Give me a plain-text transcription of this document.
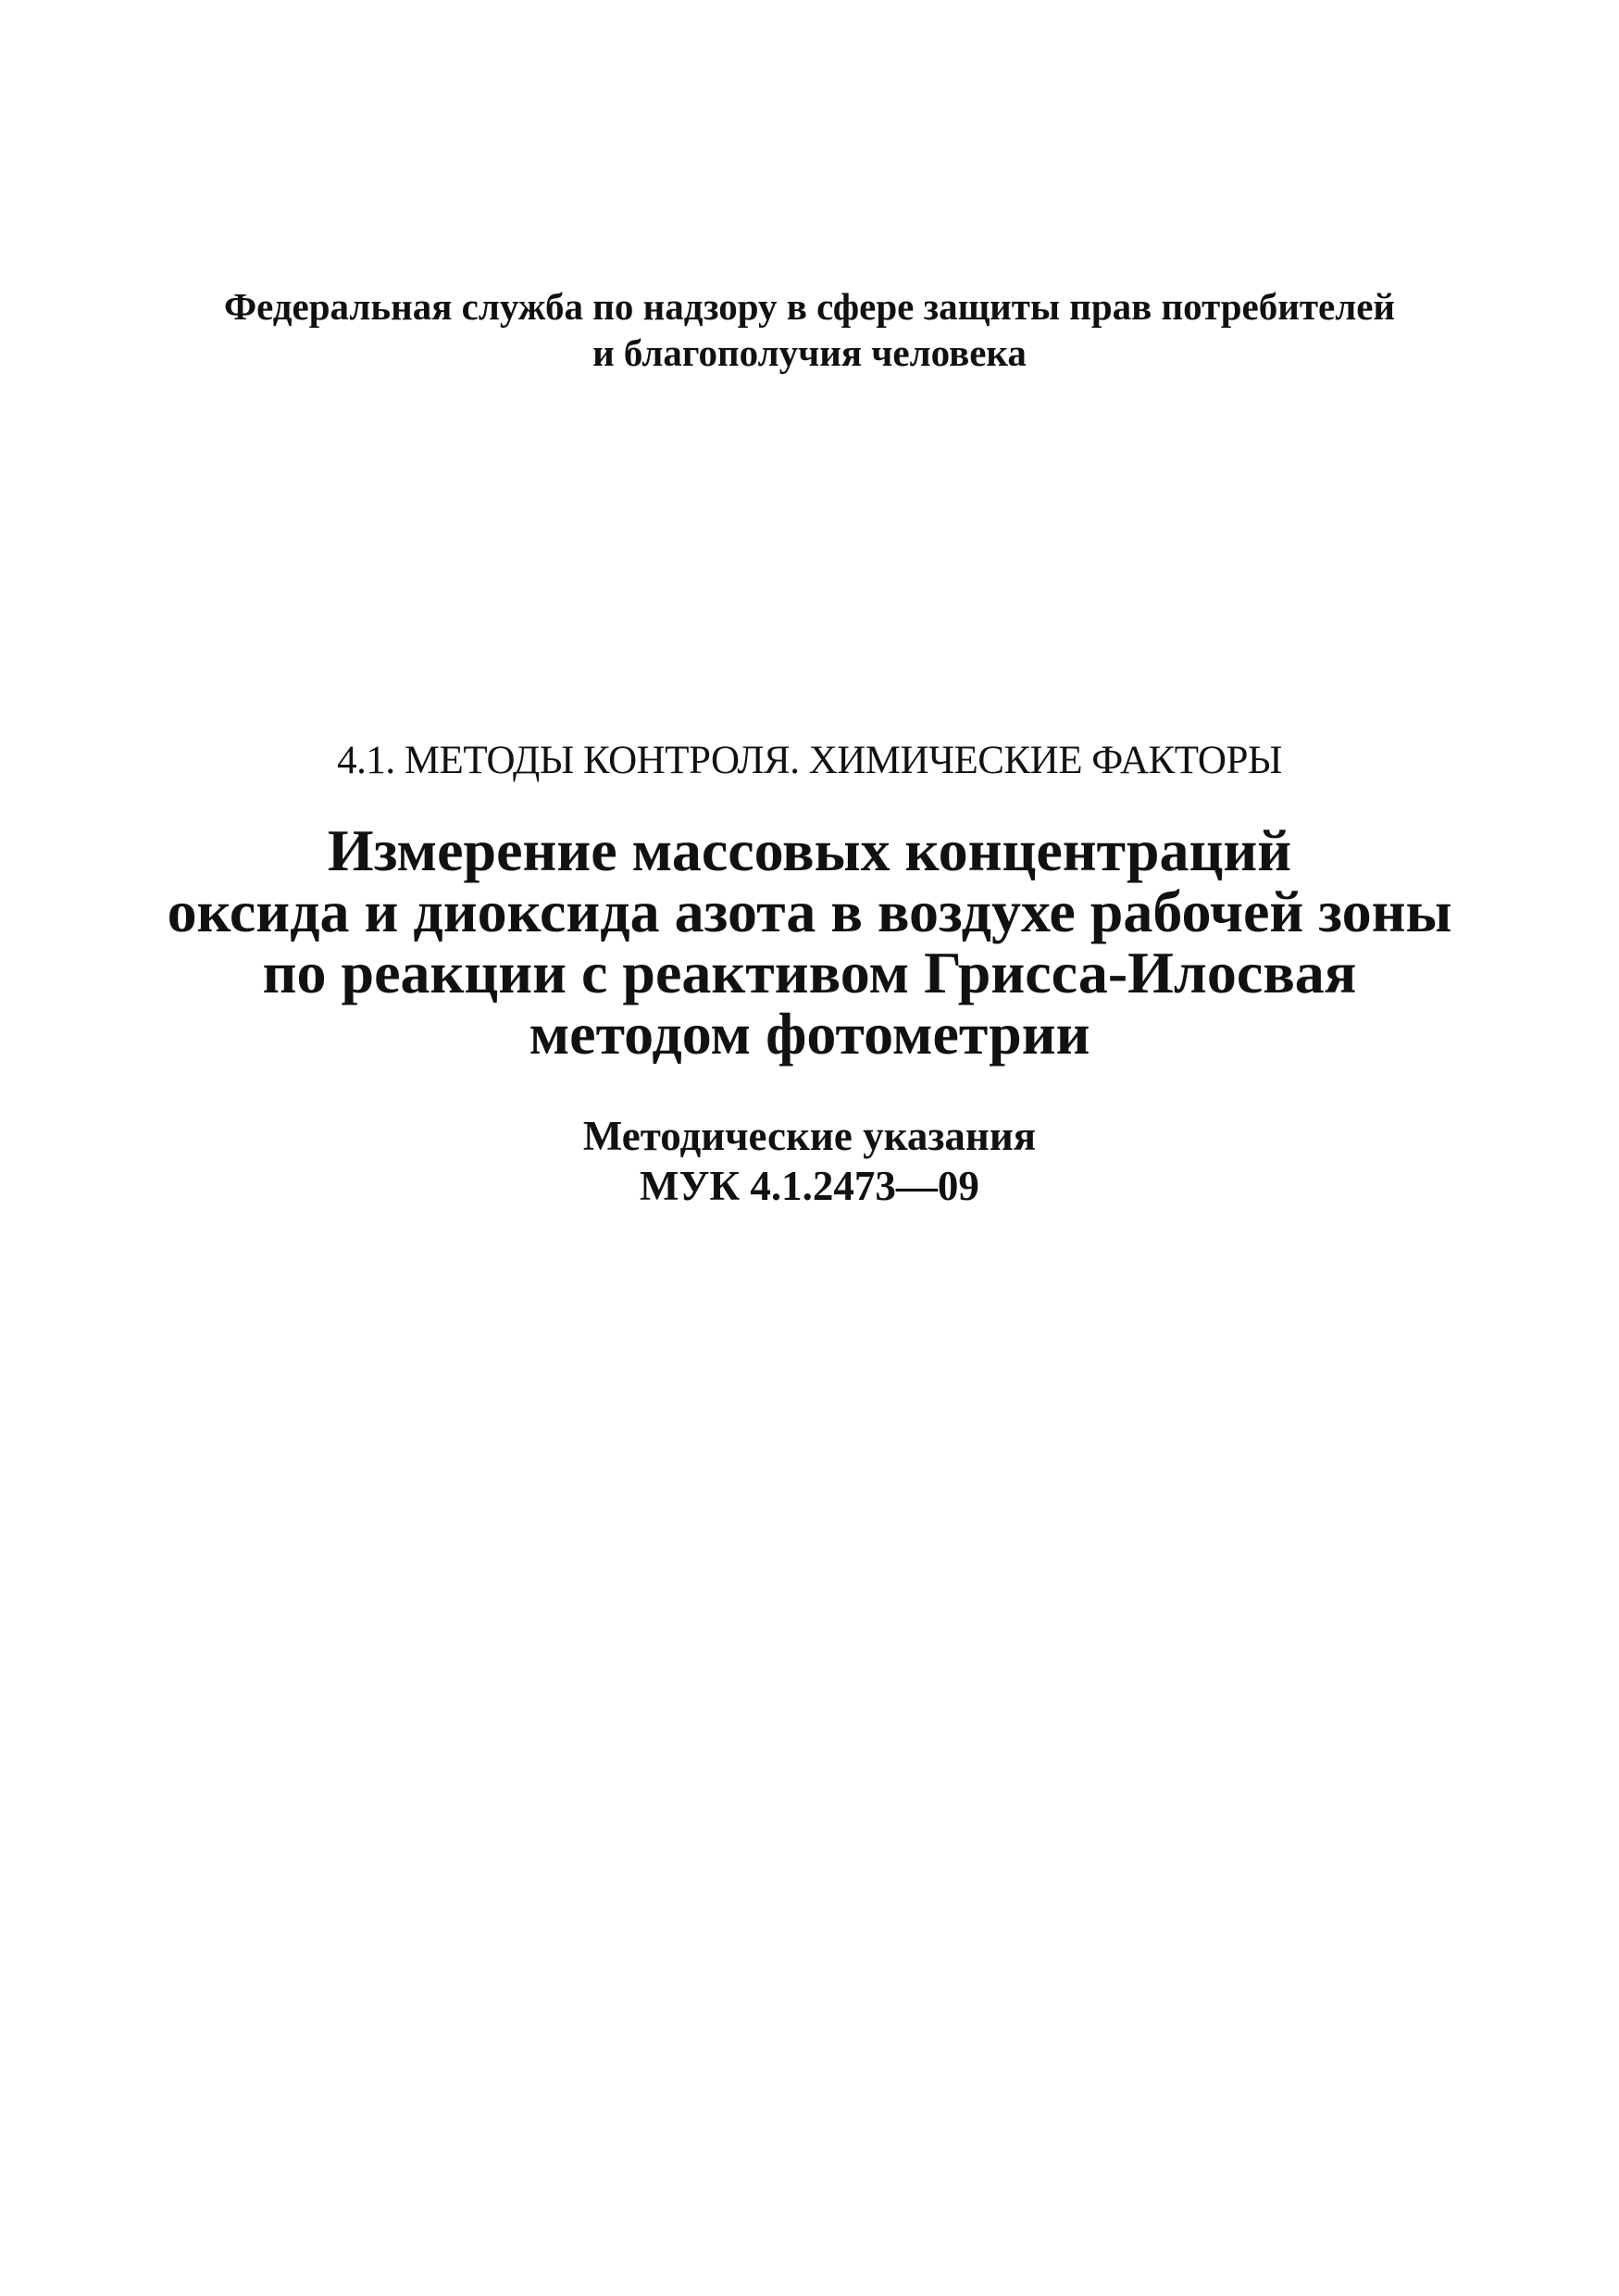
Федеральная служба по надзору в сфере защиты прав потребителей
и благополучия человека
4.1. МЕТОДЫ КОНТРОЛЯ. ХИМИЧЕСКИЕ ФАКТОРЫ
Измерение массовых концентраций
оксида и диоксида азота в воздухе рабочей зоны
по реакции с реактивом Грисса-Илосвая
методом фотометрии
Методические указания
МУК 4.1.2473—09
